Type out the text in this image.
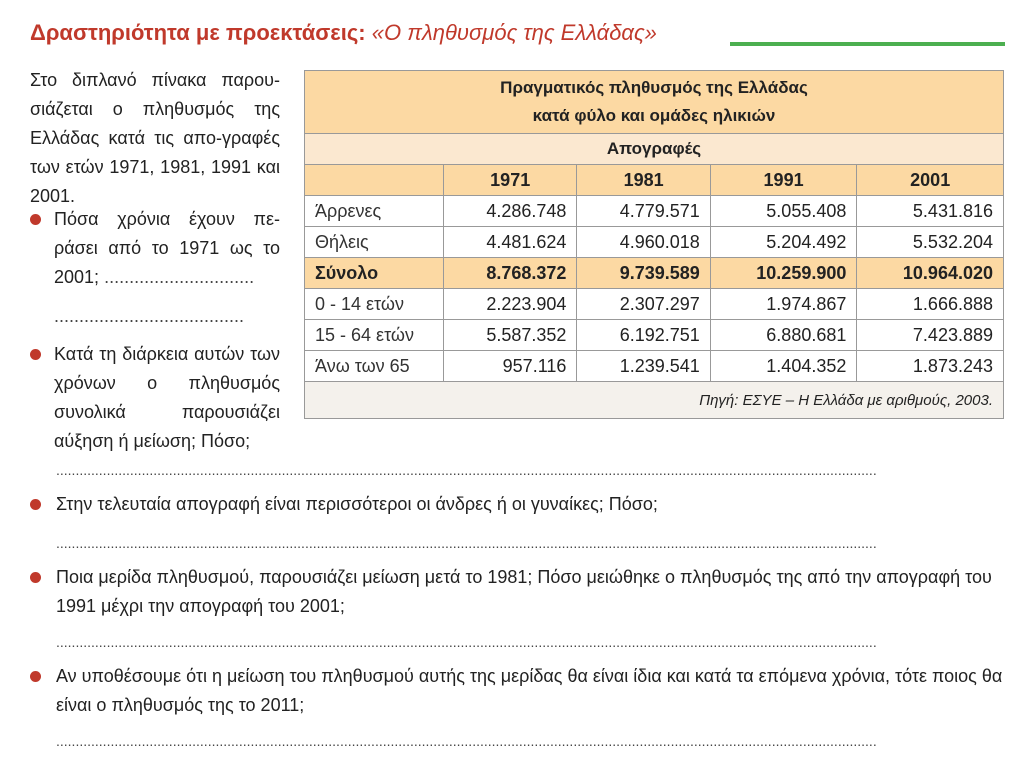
Δραστηριότητα με προεκτάσεις: «Ο πληθυσμός της Ελλάδας»
Στο διπλανό πίνακα παρου-σιάζεται ο πληθυσμός της Ελλάδας κατά τις απο-γραφές των ετών 1971, 1981, 1991 και 2001.
Πόσα χρόνια έχουν πε-ράσει από το 1971 ως το 2001; ..............................
......................................
Κατά τη διάρκεια αυτών των χρόνων ο πληθυσμός συνολικά παρουσιάζει αύξηση ή μείωση; Πόσο;
Πραγματικός πληθυσμός της Ελλάδας
κατά φύλο και ομάδες ηλικιών				

Απογραφές				
	1971	1981	1991	2001
Άρρενες	4.286.748	4.779.571	5.055.408	5.431.816
Θήλεις	4.481.624	4.960.018	5.204.492	5.532.204
Σύνολο	8.768.372	9.739.589	10.259.900	10.964.020
0 - 14 ετών	2.223.904	2.307.297	1.974.867	1.666.888
15 - 64 ετών	5.587.352	6.192.751	6.880.681	7.423.889
Άνω των 65	957.116	1.239.541	1.404.352	1.873.243
Πηγή: ΕΣΥΕ – Η Ελλάδα με αριθμούς, 2003.				
...................................................................................................................................................................................................................
Στην τελευταία απογραφή είναι περισσότεροι οι άνδρες ή οι γυναίκες; Πόσο;
...................................................................................................................................................................................................................
Ποια μερίδα πληθυσμού, παρουσιάζει μείωση μετά το 1981; Πόσο μειώθηκε ο πληθυσμός της από την απογραφή του 1991 μέχρι την απογραφή του 2001;
...................................................................................................................................................................................................................
Αν υποθέσουμε ότι η μείωση του πληθυσμού αυτής της μερίδας θα είναι ίδια και κατά τα επόμενα χρόνια, τότε ποιος θα είναι ο πληθυσμός της το 2011;
...................................................................................................................................................................................................................
